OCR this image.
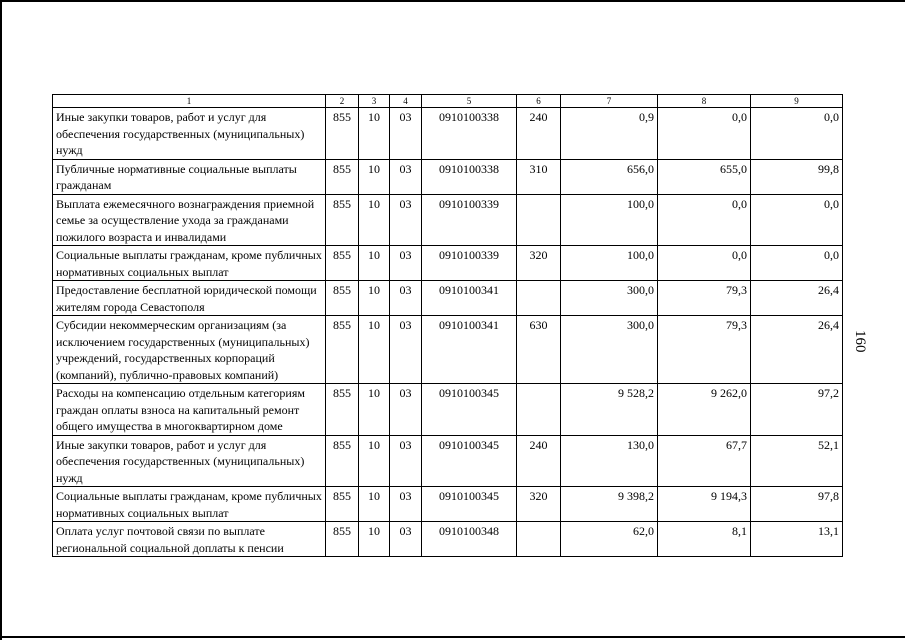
1	2	3	4	5	6	7	8	9
Иные закупки товаров, работ и услуг для обеспечения государственных (муниципальных) нужд	855	10	03	0910100338	240	0,9	0,0	0,0
Публичные нормативные социальные выплаты гражданам	855	10	03	0910100338	310	656,0	655,0	99,8
Выплата ежемесячного вознаграждения приемной семье за осуществление ухода за гражданами пожилого возраста и инвалидами	855	10	03	0910100339		100,0	0,0	0,0
Социальные выплаты гражданам, кроме публичных нормативных социальных выплат	855	10	03	0910100339	320	100,0	0,0	0,0
Предоставление бесплатной юридической помощи жителям города Севастополя	855	10	03	0910100341		300,0	79,3	26,4
Субсидии некоммерческим организациям (за исключением государственных (муниципальных) учреждений, государственных корпораций (компаний), публично-правовых компаний)	855	10	03	0910100341	630	300,0	79,3	26,4
Расходы на компенсацию отдельным категориям граждан оплаты взноса на капитальный ремонт общего имущества в многоквартирном доме	855	10	03	0910100345		9 528,2	9 262,0	97,2
Иные закупки товаров, работ и услуг для обеспечения государственных (муниципальных) нужд	855	10	03	0910100345	240	130,0	67,7	52,1
Социальные выплаты гражданам, кроме публичных нормативных социальных выплат	855	10	03	0910100345	320	9 398,2	9 194,3	97,8
Оплата услуг почтовой связи по выплате региональной социальной доплаты к пенсии	855	10	03	0910100348		62,0	8,1	13,1
160
